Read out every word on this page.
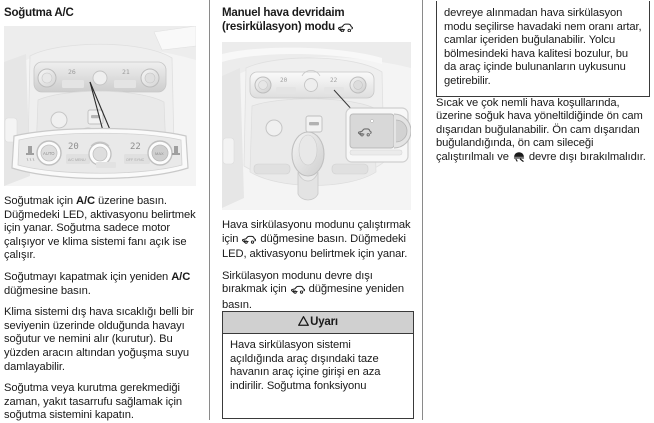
Soğutma A/C
26	21
AUTO
20
A/C MENU
22
OFF SYNC
MAX

Soğutmak için A/C üzerine basın. Düğmedeki LED, aktivasyonu belirtmek için yanar. Soğutma sadece motor çalışıyor ve klima sistemi fanı açık ise çalışır.

Soğutmayı kapatmak için yeniden A/C düğmesine basın.

Klima sistemi dış hava sıcaklığı belli bir seviyenin üzerinde olduğunda havayı soğutur ve nemini alır (kurutur). Bu yüzden aracın altından yoğuşma suyu damlayabilir.

Soğutma veya kurutma gerekmediği zaman, yakıt tasarrufu sağlamak için soğutma sistemini kapatın.

Manuel hava devridaim
(resirkülasyon) modu
20	22

Hava sirkülasyonu modunu çalıştırmak için  düğmesine basın. Düğmedeki LED, aktivasyonu belirtmek için yanar.

Sirkülasyon modunu devre dışı bırakmak için  düğmesine yeniden basın.

Uyarı
Hava sirkülasyon sistemi açıldığında araç dışındaki taze havanın araç içine girişi en aza indirilir. Soğutma fonksiyonu
devreye alınmadan hava sirkülasyon modu seçilirse havadaki nem oranı artar, camlar içeriden buğulanabilir. Yolcu bölmesindeki hava kalitesi bozulur, bu da araç içinde bulunanların uykusunu getirebilir.

Sıcak ve çok nemli hava koşullarında, üzerine soğuk hava yöneltildiğinde ön cam dışarıdan buğulanabilir. Ön cam dışarıdan buğulandığında, ön cam sileceği çalıştırılmalı ve  devre dışı bırakılmalıdır.
